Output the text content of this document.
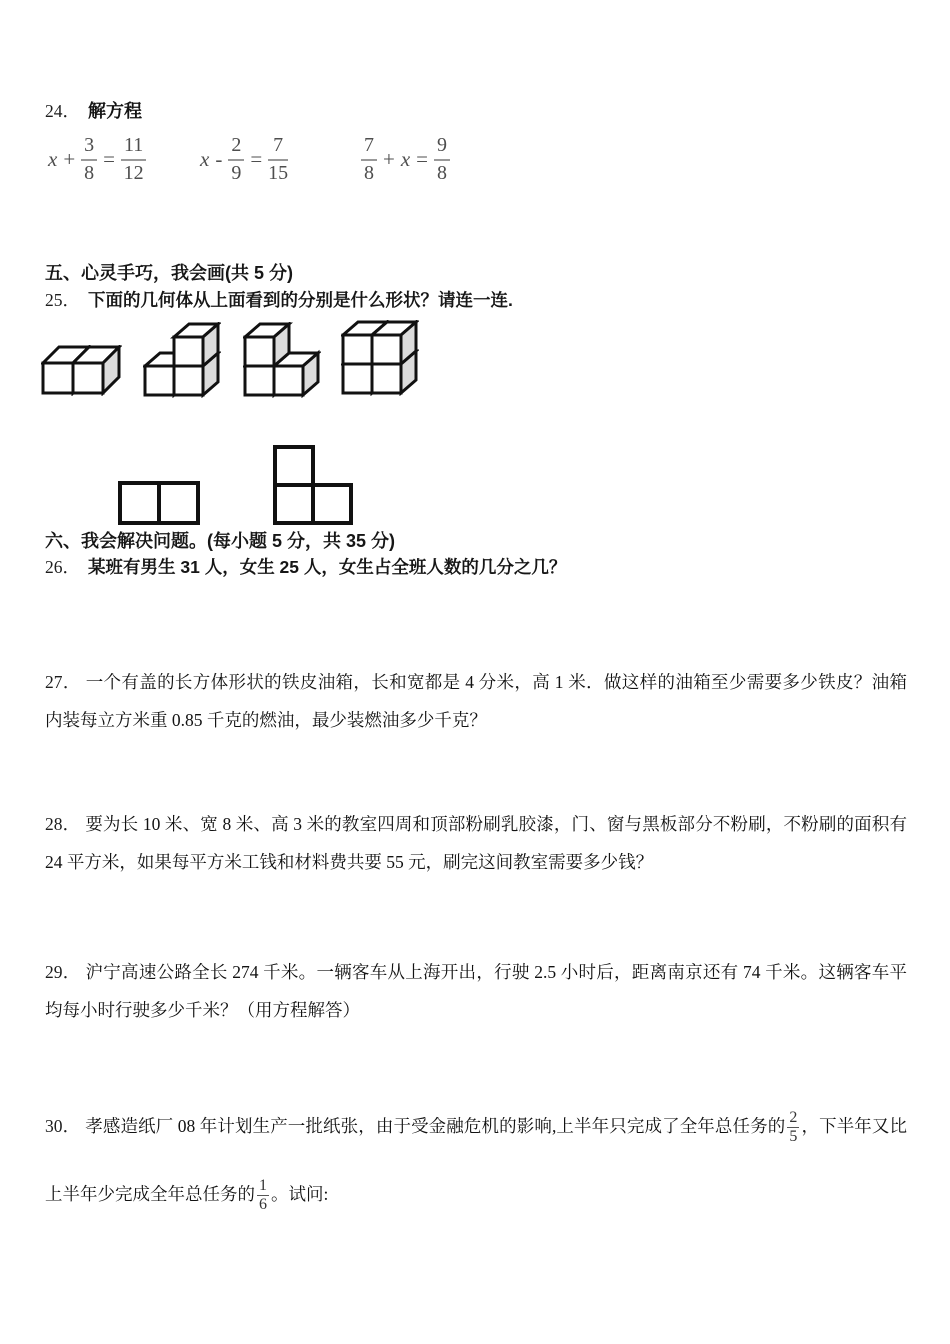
24． 解方程
$x + \frac{3}{8} = \frac{11}{12}$	$x - \frac{2}{9} = \frac{7}{15}$	$\frac{7}{8} + x = \frac{9}{8}$
五、心灵手巧，我会画(共 5 分)
25． 下面的几何体从上面看到的分别是什么形状？请连一连.
六、我会解决问题。(每小题 5 分，共 35 分)
26． 某班有男生 31 人，女生 25 人，女生占全班人数的几分之几？

27． 一个有盖的长方体形状的铁皮油箱，长和宽都是 4 分米，高 1 米．做这样的油箱至少需要多少铁皮？油箱内装每立方米重 0.85 千克的燃油，最少装燃油多少千克？

28． 要为长 10 米、宽 8 米、高 3 米的教室四周和顶部粉刷乳胶漆，门、窗与黑板部分不粉刷，不粉刷的面积有 24 平方米，如果每平方米工钱和材料费共要 55 元，刷完这间教室需要多少钱？

29． 沪宁高速公路全长 274 千米。一辆客车从上海开出，行驶 2.5 小时后，距离南京还有 74 千米。这辆客车平均每小时行驶多少千米？（用方程解答）

30． 孝感造纸厂 08 年计划生产一批纸张，由于受金融危机的影响,上半年只完成了全年总任务的 $\frac{2}{5}$ ，下半年又比上半年少完成全年总任务的 $\frac{1}{6}$ 。试问:
